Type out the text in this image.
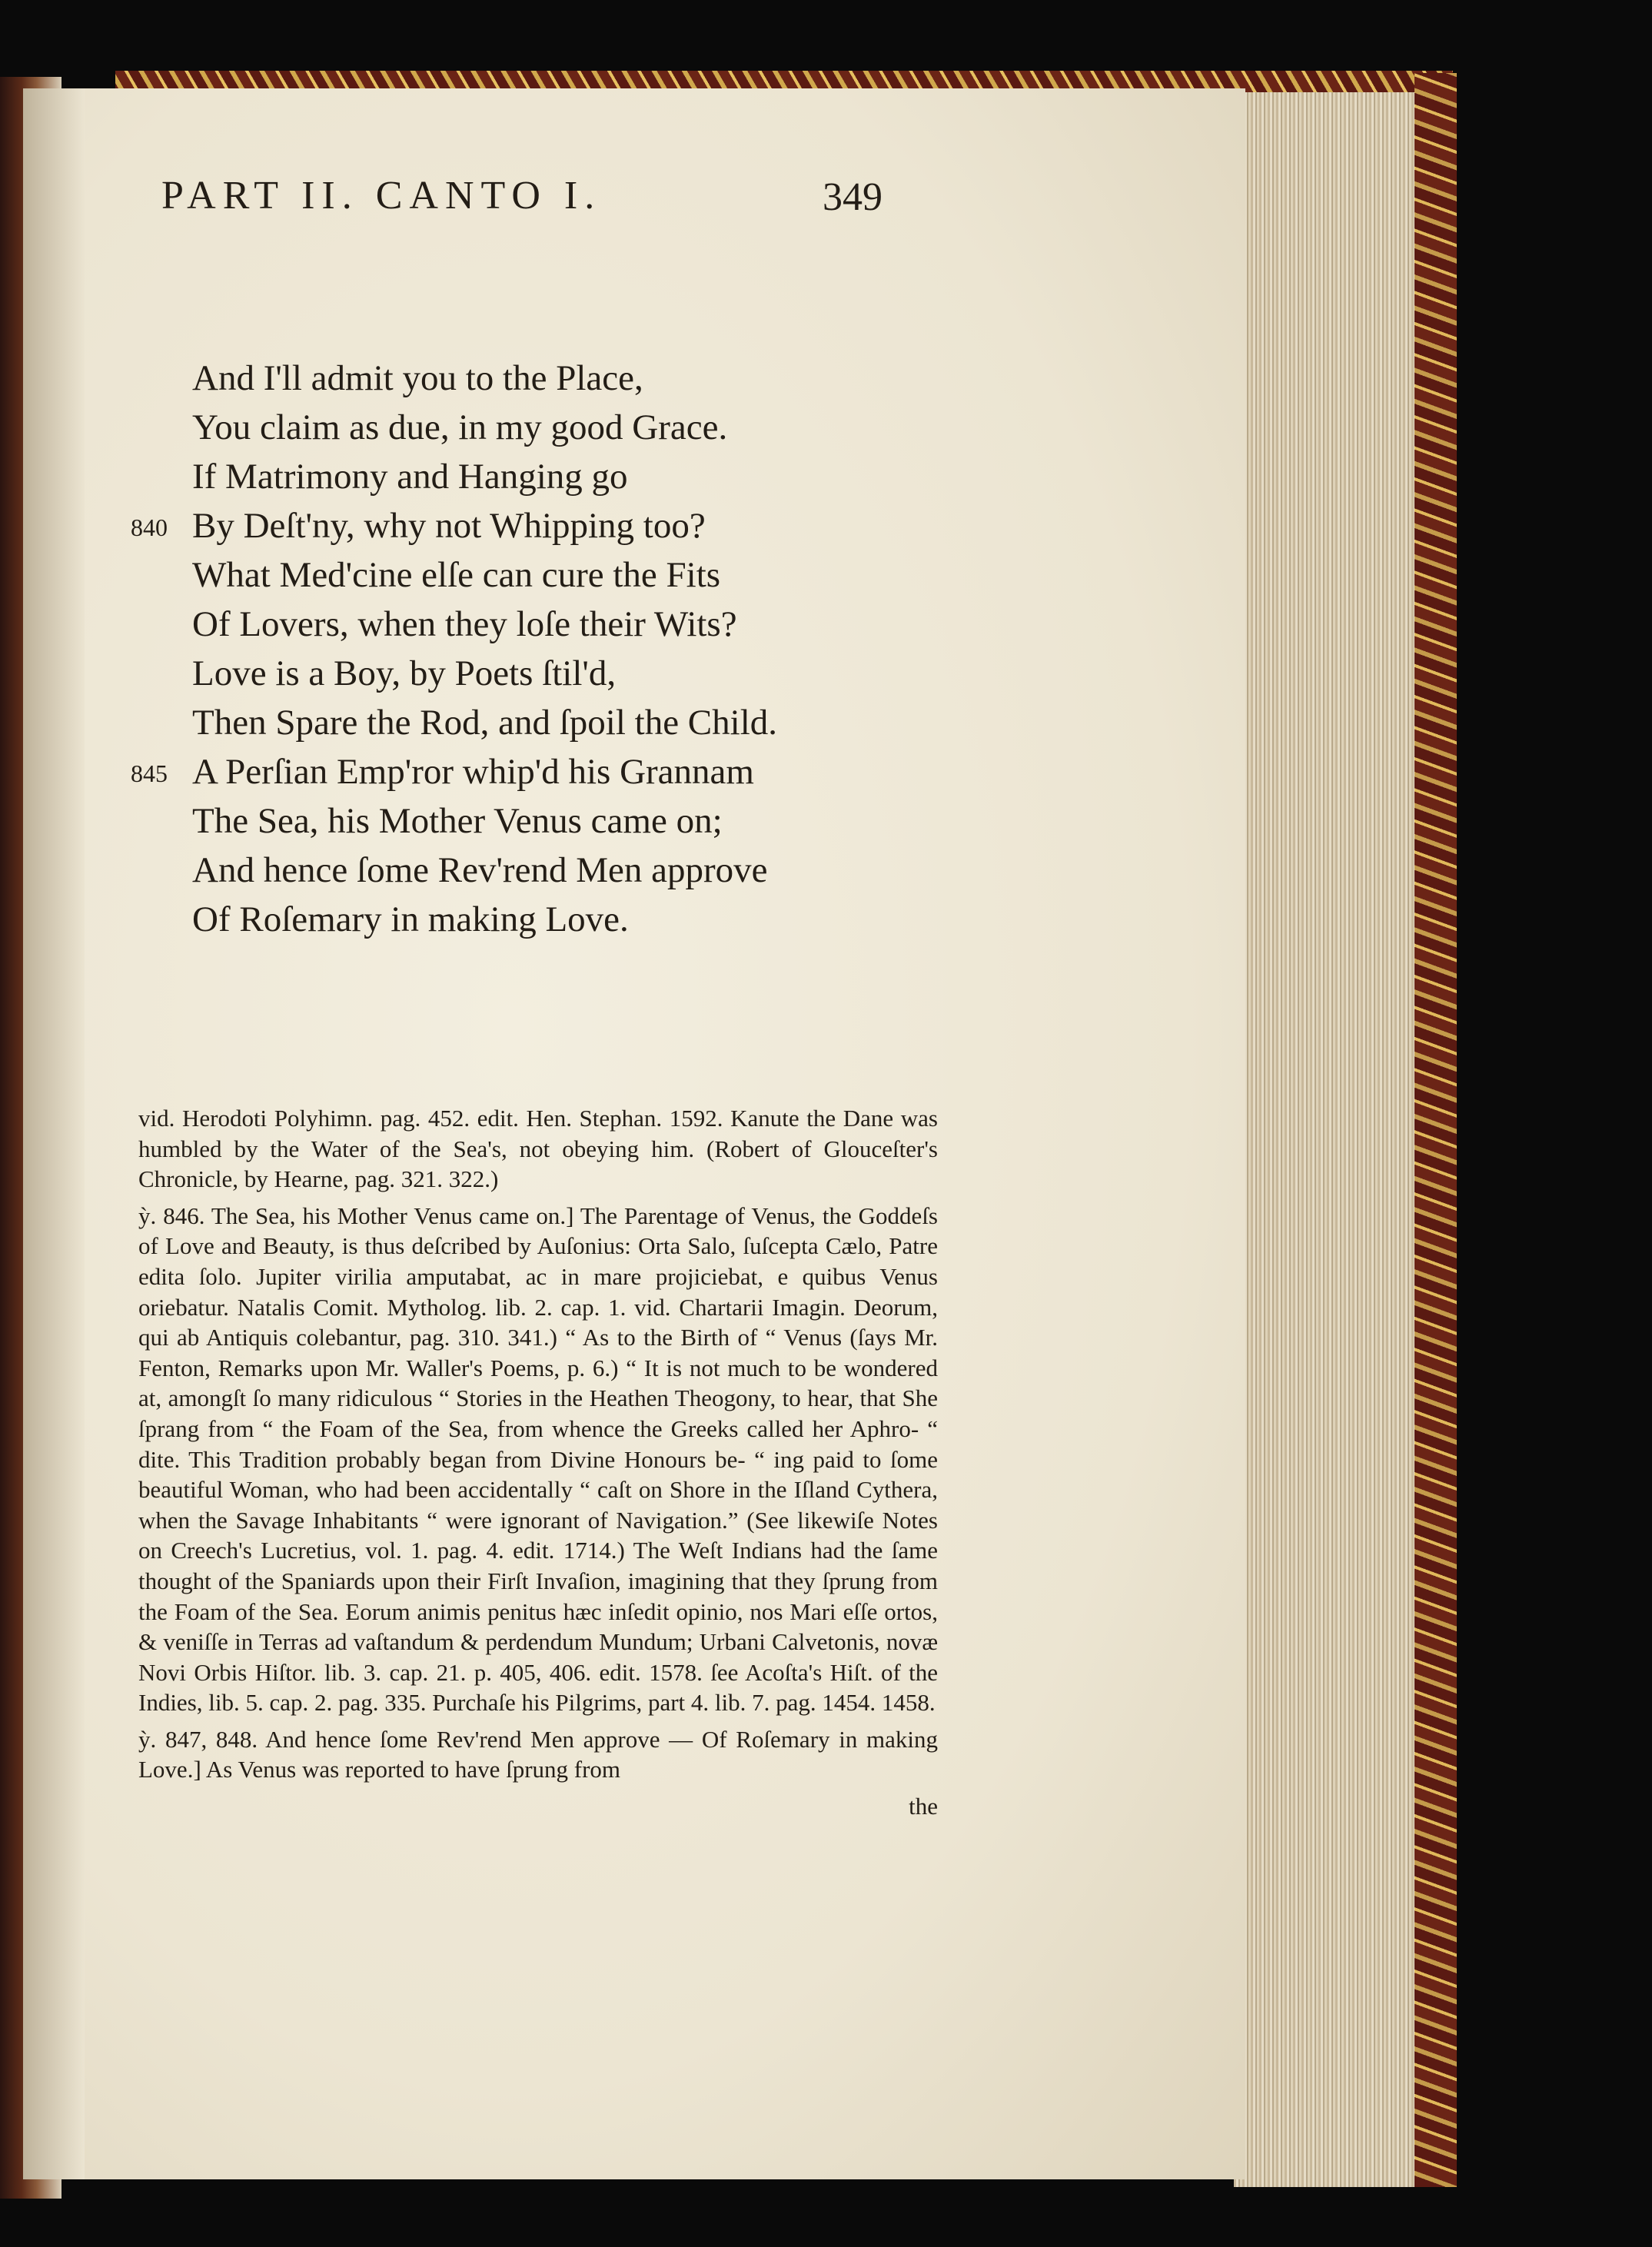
PART II. CANTO I.	349
And I'll admit you to the Place,
You claim as due, in my good Grace.
If Matrimony and Hanging go
840 By Deſt'ny, why not Whipping too?
What Med'cine elſe can cure the Fits
Of Lovers, when they loſe their Wits?
Love is a Boy, by Poets ſtil'd,
Then Spare the Rod, and ſpoil the Child.
845 A Perſian Emp'ror whip'd his Grannam
The Sea, his Mother Venus came on;
And hence ſome Rev'rend Men approve
Of Roſemary in making Love.

vid. Herodoti Polyhimn. pag. 452. edit. Hen. Stephan. 1592. Kanute the Dane was humbled by the Water of the Sea's, not obeying him. (Robert of Glouceſter's Chronicle, by Hearne, pag. 321. 322.)

ỳ. 846. The Sea, his Mother Venus came on.] The Parentage of Venus, the Goddeſs of Love and Beauty, is thus deſcribed by Auſonius: Orta Salo, ſuſcepta Cælo, Patre edita ſolo. Jupiter virilia amputabat, ac in mare projiciebat, e quibus Venus oriebatur. Natalis Comit. Mytholog. lib. 2. cap. 1. vid. Chartarii Imagin. Deorum, qui ab Antiquis colebantur, pag. 310. 341.) “ As to the Birth of “ Venus (ſays Mr. Fenton, Remarks upon Mr. Waller's Poems, p. 6.) “ It is not much to be wondered at, amongſt ſo many ridiculous “ Stories in the Heathen Theogony, to hear, that She ſprang from “ the Foam of the Sea, from whence the Greeks called her Aphro- “ dite. This Tradition probably began from Divine Honours be- “ ing paid to ſome beautiful Woman, who had been accidentally “ caſt on Shore in the Iſland Cythera, when the Savage Inhabitants “ were ignorant of Navigation.” (See likewiſe Notes on Creech's Lucretius, vol. 1. pag. 4. edit. 1714.) The Weſt Indians had the ſame thought of the Spaniards upon their Firſt Invaſion, imagining that they ſprung from the Foam of the Sea. Eorum animis penitus hæc inſedit opinio, nos Mari eſſe ortos, & veniſſe in Terras ad vaſtandum & perdendum Mundum; Urbani Calvetonis, novæ Novi Orbis Hiſtor. lib. 3. cap. 21. p. 405, 406. edit. 1578. ſee Acoſta's Hiſt. of the Indies, lib. 5. cap. 2. pag. 335. Purchaſe his Pilgrims, part 4. lib. 7. pag. 1454. 1458.

ỳ. 847, 848. And hence ſome Rev'rend Men approve — Of Roſemary in making Love.] As Venus was reported to have ſprung from

the
